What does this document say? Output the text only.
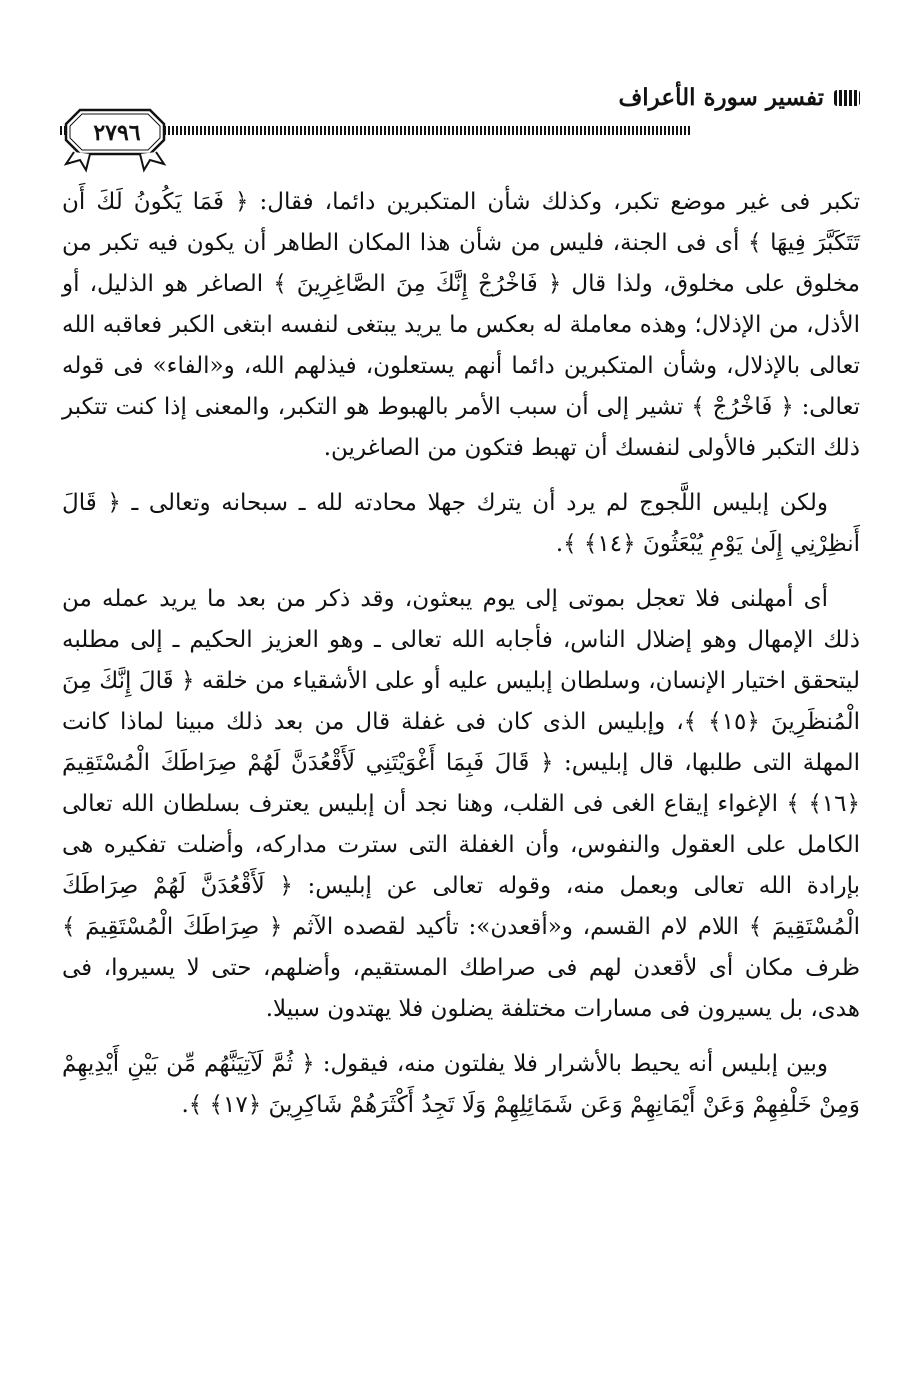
تفسير سورة الأعراف
٢٧٩٦

تكبر فى غير موضع تكبر، وكذلك شأن المتكبرين دائما، فقال: ﴿ فَمَا يَكُونُ لَكَ أَن تَتَكَبَّرَ فِيهَا ﴾ أى فى الجنة، فليس من شأن هذا المكان الطاهر أن يكون فيه تكبر من مخلوق على مخلوق، ولذا قال ﴿ فَاخْرُجْ إِنَّكَ مِنَ الصَّاغِرِينَ ﴾ الصاغر هو الذليل، أو الأذل، من الإذلال؛ وهذه معاملة له بعكس ما يريد يبتغى لنفسه ابتغى الكبر فعاقبه الله تعالى بالإذلال، وشأن المتكبرين دائما أنهم يستعلون، فيذلهم الله، و«الفاء» فى قوله تعالى: ﴿ فَاخْرُجْ ﴾ تشير إلى أن سبب الأمر بالهبوط هو التكبر، والمعنى إذا كنت تتكبر ذلك التكبر فالأولى لنفسك أن تهبط فتكون من الصاغرين.

ولكن إبليس اللَّجوج لم يرد أن يترك جهلا محادته لله ـ سبحانه وتعالى ـ ﴿ قَالَ أَنظِرْنِي إِلَىٰ يَوْمِ يُبْعَثُونَ ﴿١٤﴾ ﴾.

أى أمهلنى فلا تعجل بموتى إلى يوم يبعثون، وقد ذكر من بعد ما يريد عمله من ذلك الإمهال وهو إضلال الناس، فأجابه الله تعالى ـ وهو العزيز الحكيم ـ إلى مطلبه ليتحقق اختيار الإنسان، وسلطان إبليس عليه أو على الأشقياء من خلقه ﴿ قَالَ إِنَّكَ مِنَ الْمُنظَرِينَ ﴿١٥﴾ ﴾، وإبليس الذى كان فى غفلة قال من بعد ذلك مبينا لماذا كانت المهلة التى طلبها، قال إبليس: ﴿ قَالَ فَبِمَا أَغْوَيْتَنِي لَأَقْعُدَنَّ لَهُمْ صِرَاطَكَ الْمُسْتَقِيمَ ﴿١٦﴾ ﴾ الإغواء إيقاع الغى فى القلب، وهنا نجد أن إبليس يعترف بسلطان الله تعالى الكامل على العقول والنفوس، وأن الغفلة التى سترت مداركه، وأضلت تفكيره هى بإرادة الله تعالى وبعمل منه، وقوله تعالى عن إبليس: ﴿ لَأَقْعُدَنَّ لَهُمْ صِرَاطَكَ الْمُسْتَقِيمَ ﴾ اللام لام القسم، و«أقعدن»: تأكيد لقصده الآثم ﴿ صِرَاطَكَ الْمُسْتَقِيمَ ﴾ ظرف مكان أى لأقعدن لهم فى صراطك المستقيم، وأضلهم، حتى لا يسيروا، فى هدى، بل يسيرون فى مسارات مختلفة يضلون فلا يهتدون سبيلا.

وبين إبليس أنه يحيط بالأشرار فلا يفلتون منه، فيقول: ﴿ ثُمَّ لَآتِيَنَّهُم مِّن بَيْنِ أَيْدِيهِمْ وَمِنْ خَلْفِهِمْ وَعَنْ أَيْمَانِهِمْ وَعَن شَمَائِلِهِمْ وَلَا تَجِدُ أَكْثَرَهُمْ شَاكِرِينَ ﴿١٧﴾ ﴾.
